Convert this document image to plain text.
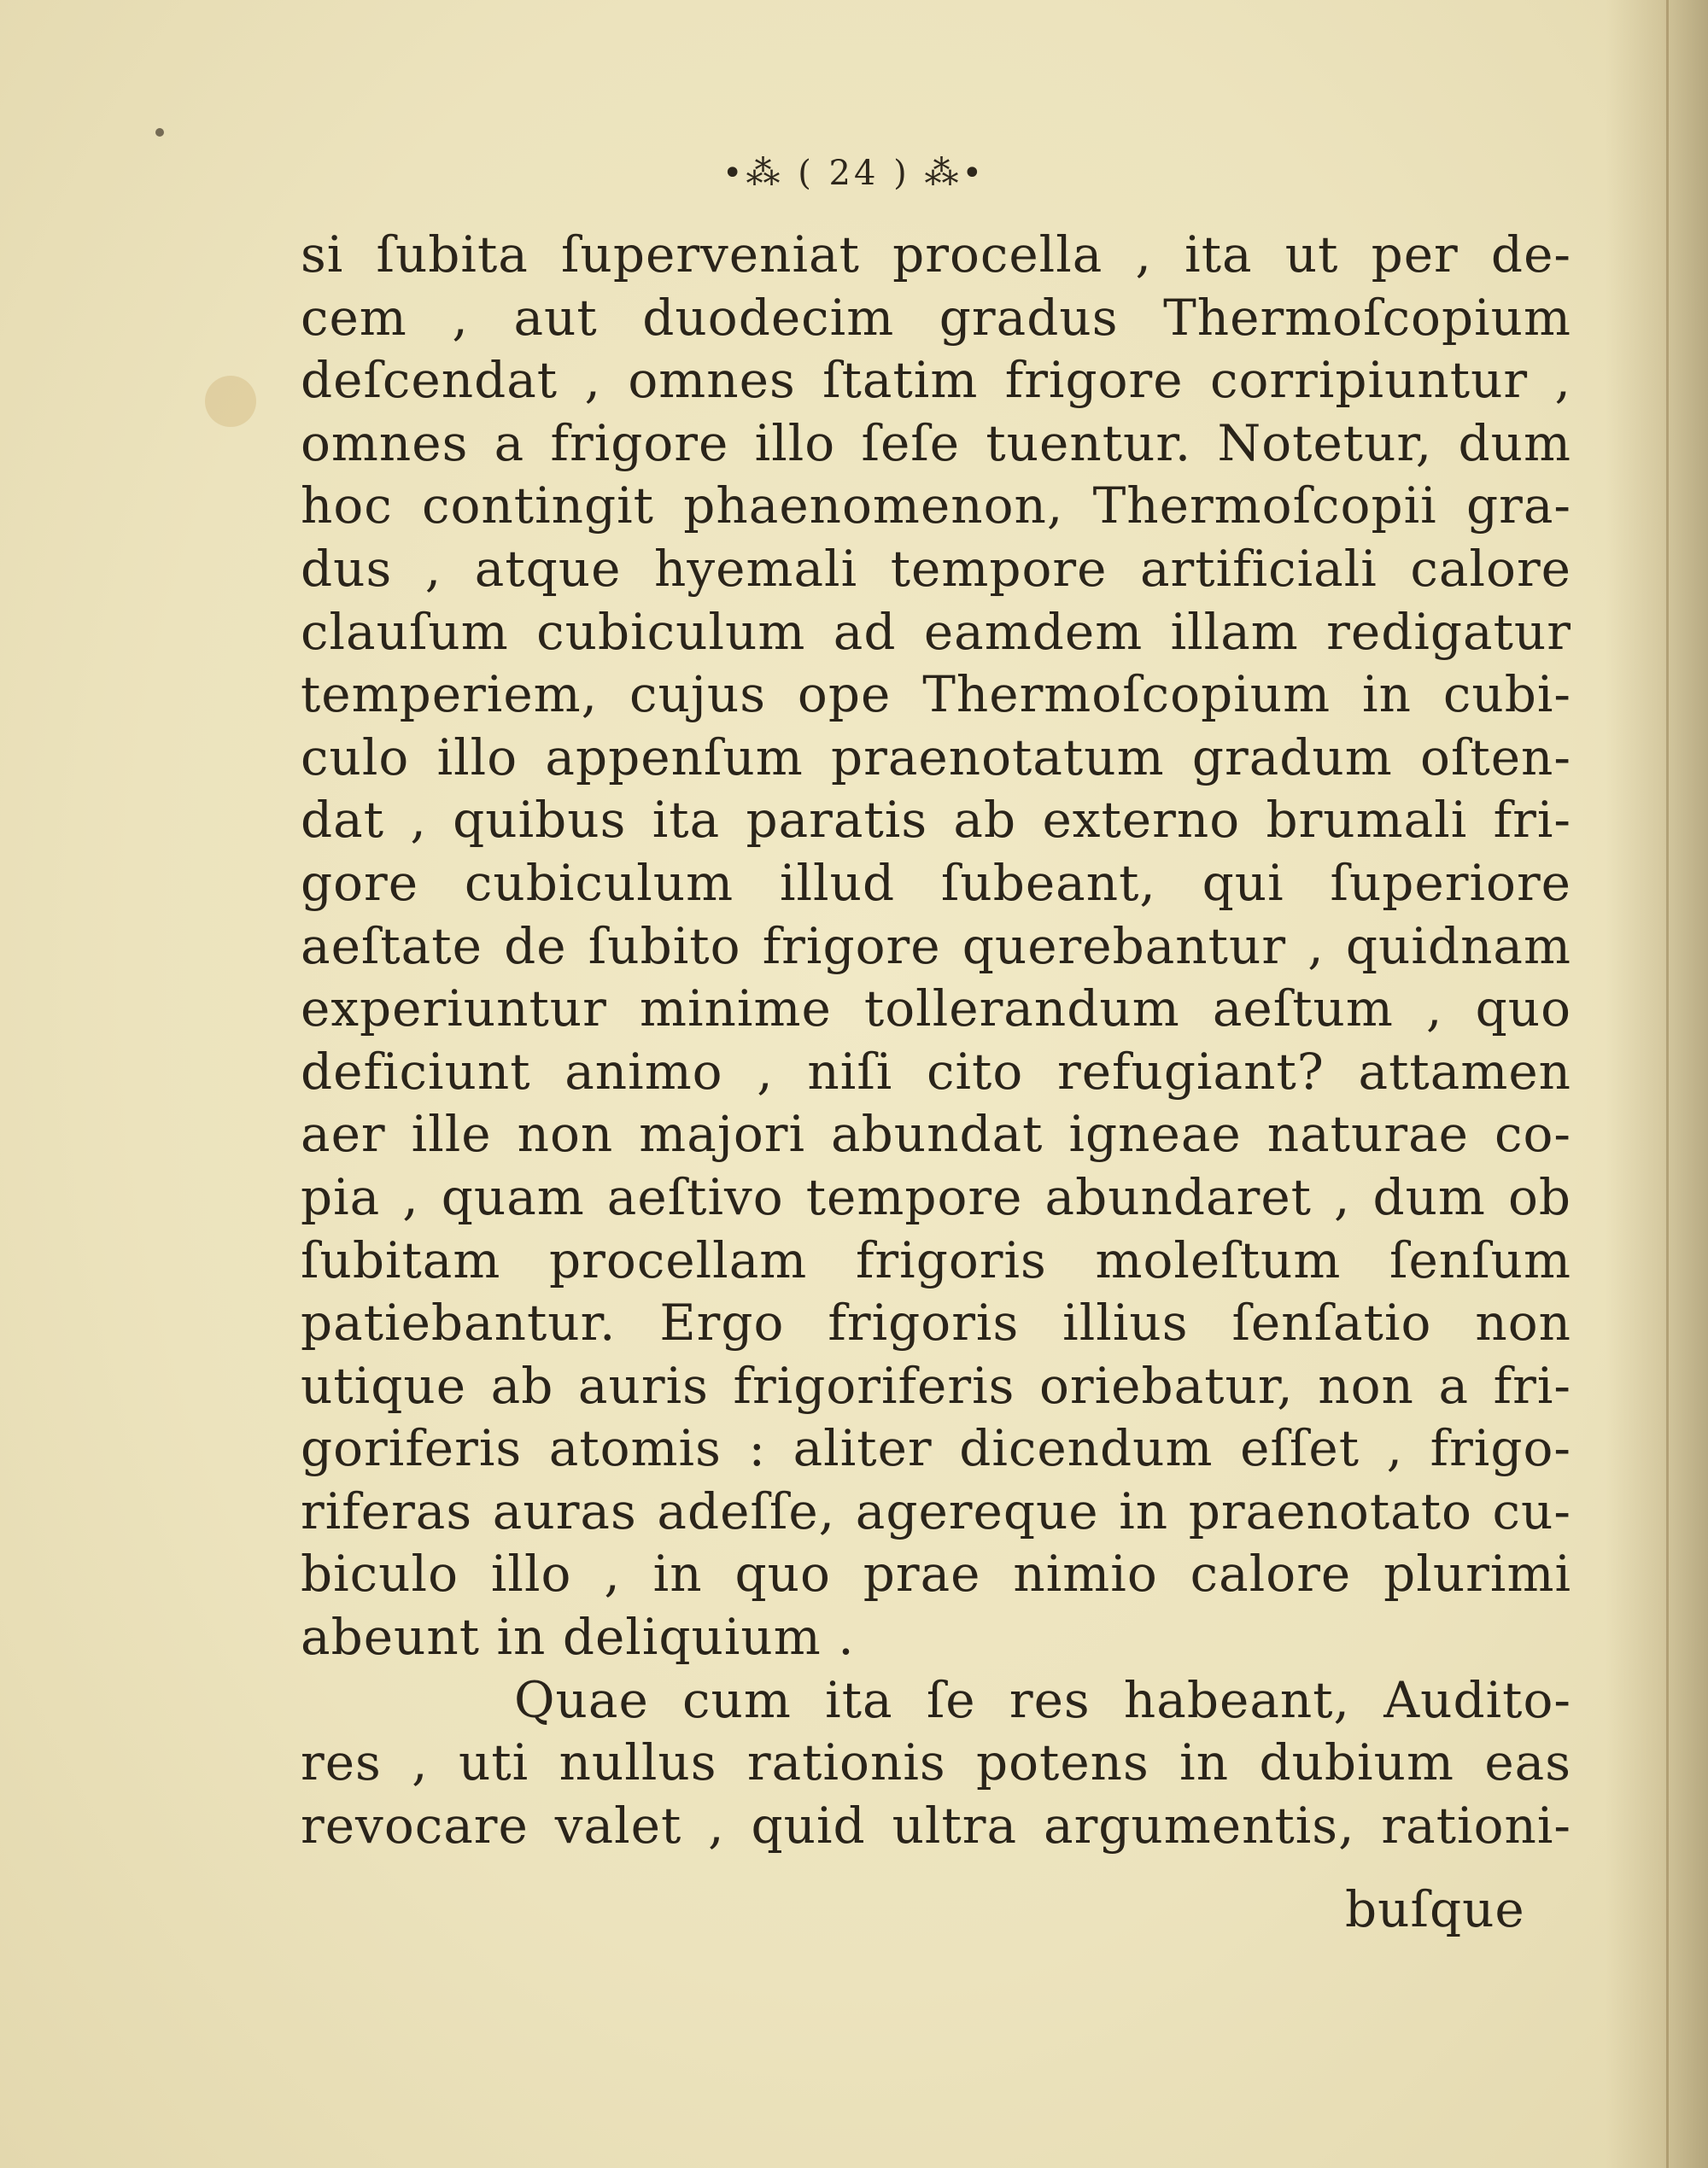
•⁂ ( 24 ) ⁂•
si ſubita ſuperveniat procella , ita ut per de-
cem , aut duodecim gradus Thermoſcopium
deſcendat , omnes ſtatim frigore corripiuntur ,
omnes a frigore illo ſeſe tuentur. Notetur, dum
hoc contingit phaenomenon, Thermoſcopii gra-
dus , atque hyemali tempore artificiali calore
clauſum cubiculum ad eamdem illam redigatur
temperiem, cujus ope Thermoſcopium in cubi-
culo illo appenſum praenotatum gradum oſten-
dat , quibus ita paratis ab externo brumali fri-
gore cubiculum illud ſubeant, qui ſuperiore
aeſtate de ſubito frigore querebantur , quidnam
experiuntur minime tollerandum aeſtum , quo
deficiunt animo , niſi cito refugiant? attamen
aer ille non majori abundat igneae naturae co-
pia , quam aeſtivo tempore abundaret , dum ob
ſubitam procellam frigoris moleſtum ſenſum
patiebantur. Ergo frigoris illius ſenſatio non
utique ab auris frigoriferis oriebatur, non a fri-
goriferis atomis : aliter dicendum eſſet , frigo-
riferas auras adeſſe, agereque in praenotato cu-
biculo illo , in quo prae nimio calore plurimi
abeunt in deliquium .
Quae cum ita ſe res habeant, Audito-
res , uti nullus rationis potens in dubium eas
revocare valet , quid ultra argumentis, rationi-
buſque
